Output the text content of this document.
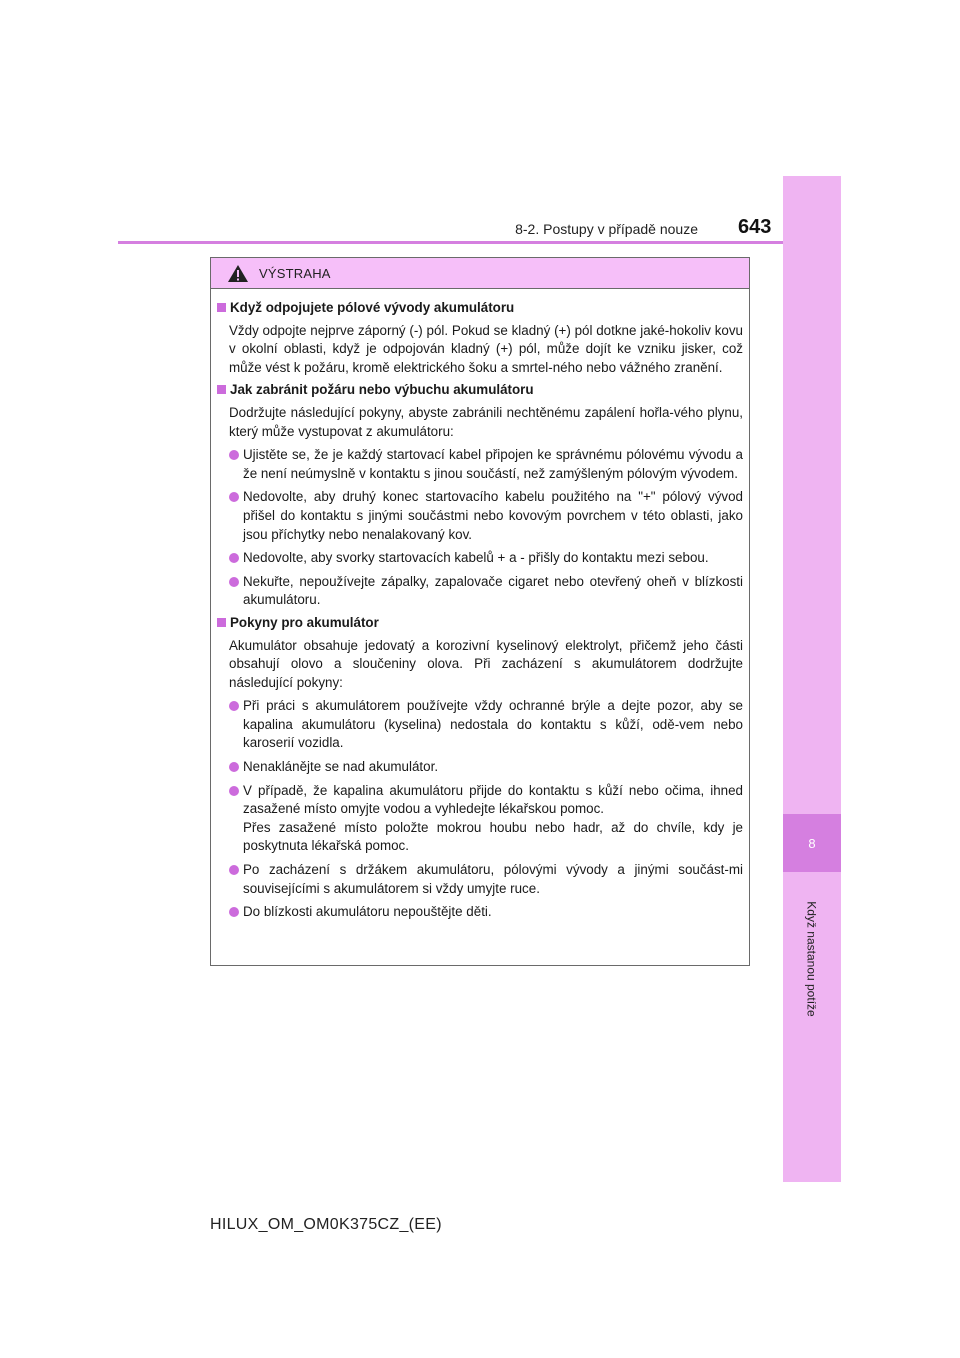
8
Když nastanou potíže
8-2. Postupy v případě nouze 643
VÝSTRAHA
Když odpojujete pólové vývody akumulátoru
Vždy odpojte nejprve záporný (-) pól. Pokud se kladný (+) pól dotkne jaké-hokoliv kovu v okolní oblasti, když je odpojován kladný (+) pól, může dojít ke vzniku jisker, což může vést k požáru, kromě elektrického šoku a smrtel-ného nebo vážného zranění.
Jak zabránit požáru nebo výbuchu akumulátoru
Dodržujte následující pokyny, abyste zabránili nechtěnému zapálení hořla-vého plynu, který může vystupovat z akumulátoru:

Ujistěte se, že je každý startovací kabel připojen ke správnému pólovému vývodu a že není neúmyslně v kontaktu s jinou součástí, než zamýšleným pólovým vývodem.

Nedovolte, aby druhý konec startovacího kabelu použitého na "+" pólový vývod přišel do kontaktu s jinými součástmi nebo kovovým povrchem v této oblasti, jako jsou příchytky nebo nenalakovaný kov.

Nedovolte, aby svorky startovacích kabelů + a - přišly do kontaktu mezi sebou.

Nekuřte, nepoužívejte zápalky, zapalovače cigaret nebo otevřený oheň v blízkosti akumulátoru.

Pokyny pro akumulátor
Akumulátor obsahuje jedovatý a korozivní kyselinový elektrolyt, přičemž jeho části obsahují olovo a sloučeniny olova. Při zacházení s akumulátorem dodržujte následující pokyny:

Při práci s akumulátorem používejte vždy ochranné brýle a dejte pozor, aby se kapalina akumulátoru (kyselina) nedostala do kontaktu s kůží, odě-vem nebo karoserií vozidla.

Nenaklánějte se nad akumulátor.

V případě, že kapalina akumulátoru přijde do kontaktu s kůží nebo očima, ihned zasažené místo omyjte vodou a vyhledejte lékařskou pomoc.

Přes zasažené místo položte mokrou houbu nebo hadr, až do chvíle, kdy je poskytnuta lékařská pomoc.

Po zacházení s držákem akumulátoru, pólovými vývody a jinými součást-mi souvisejícími s akumulátorem si vždy umyjte ruce.

Do blízkosti akumulátoru nepouštějte děti.

HILUX_OM_OM0K375CZ_(EE)
